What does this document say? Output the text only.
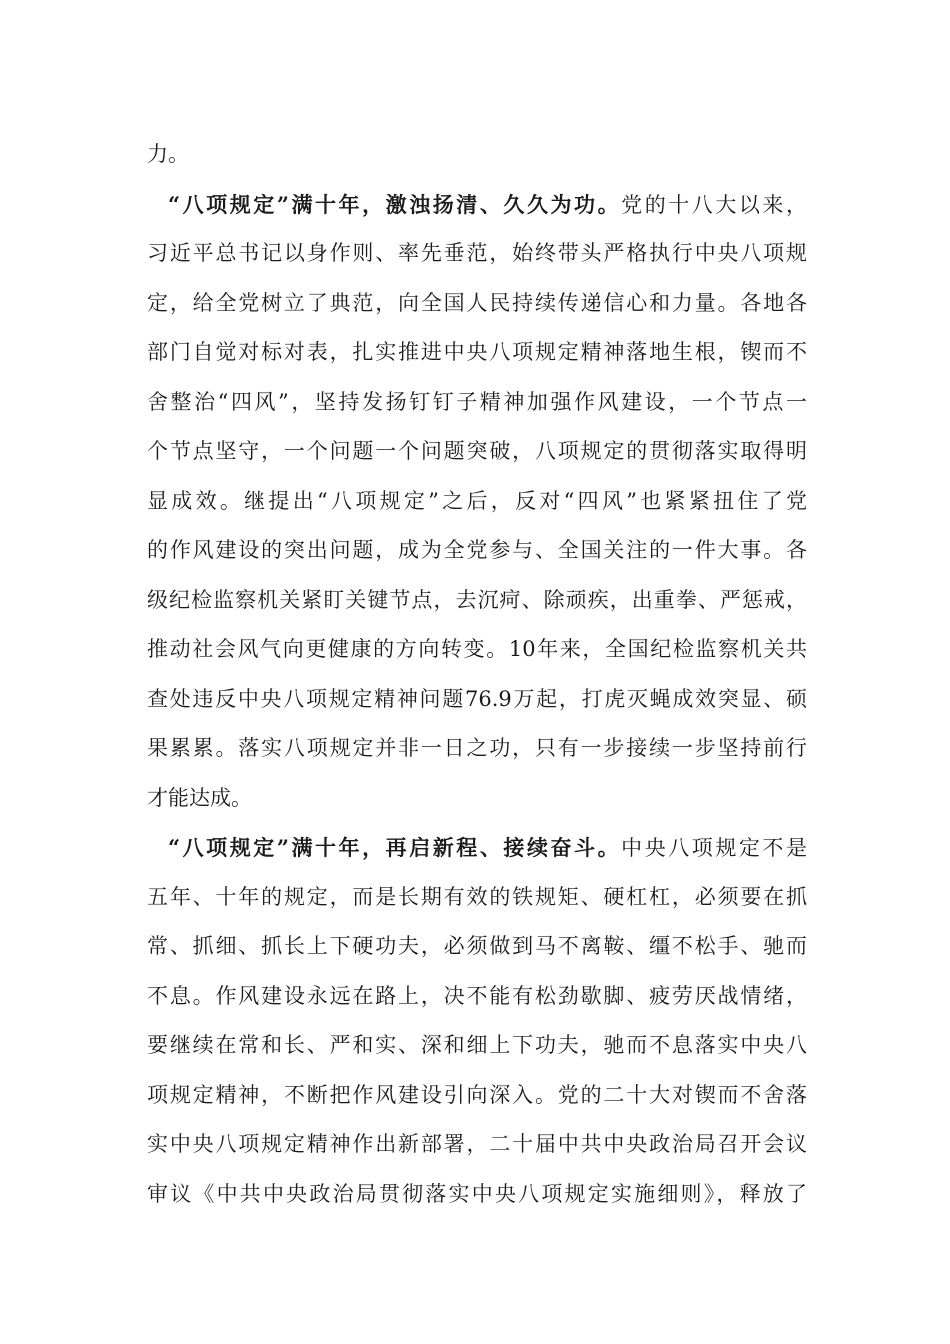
力。
“八项规定”满十年，激浊扬清、久久为功。党的十八大以来，
习近平总书记以身作则、率先垂范，始终带头严格执行中央八项规
定，给全党树立了典范，向全国人民持续传递信心和力量。各地各
部门自觉对标对表，扎实推进中央八项规定精神落地生根，锲而不
舍整治“四风”，坚持发扬钉钉子精神加强作风建设，一个节点一
个节点坚守，一个问题一个问题突破，八项规定的贯彻落实取得明
显成效。继提出“八项规定”之后，反对“四风”也紧紧扭住了党
的作风建设的突出问题，成为全党参与、全国关注的一件大事。各
级纪检监察机关紧盯关键节点，去沉疴、除顽疾，出重拳、严惩戒，
推动社会风气向更健康的方向转变。10年来，全国纪检监察机关共
查处违反中央八项规定精神问题76.9万起，打虎灭蝇成效突显、硕
果累累。落实八项规定并非一日之功，只有一步接续一步坚持前行
才能达成。
“八项规定”满十年，再启新程、接续奋斗。中央八项规定不是
五年、十年的规定，而是长期有效的铁规矩、硬杠杠，必须要在抓
常、抓细、抓长上下硬功夫，必须做到马不离鞍、缰不松手、驰而
不息。作风建设永远在路上，决不能有松劲歇脚、疲劳厌战情绪，
要继续在常和长、严和实、深和细上下功夫，驰而不息落实中央八
项规定精神，不断把作风建设引向深入。党的二十大对锲而不舍落
实中央八项规定精神作出新部署，二十届中共中央政治局召开会议
审议《中共中央政治局贯彻落实中央八项规定实施细则》，释放了
